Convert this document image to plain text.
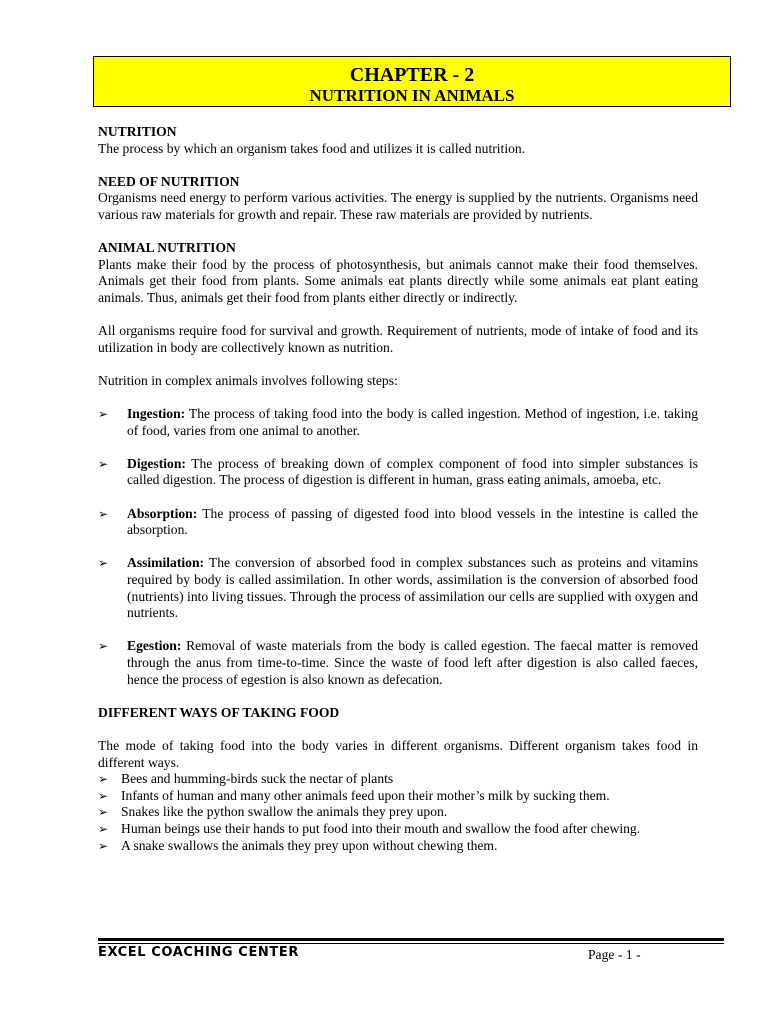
CHAPTER - 2
NUTRITION IN ANIMALS
NUTRITION

The process by which an organism takes food and utilizes it is called nutrition.

NEED OF NUTRITION

Organisms need energy to perform various activities. The energy is supplied by the nutrients. Organisms need various raw materials for growth and repair. These raw materials are provided by nutrients.

ANIMAL NUTRITION

Plants make their food by the process of photosynthesis, but animals cannot make their food themselves. Animals get their food from plants. Some animals eat plants directly while some animals eat plant eating animals. Thus, animals get their food from plants either directly or indirectly.

All organisms require food for survival and growth. Requirement of nutrients, mode of intake of food and its utilization in body are collectively known as nutrition.

Nutrition in complex animals involves following steps:

➢ Ingestion: The process of taking food into the body is called ingestion. Method of ingestion, i.e. taking of food, varies from one animal to another.
➢ Digestion: The process of breaking down of complex component of food into simpler substances is called digestion. The process of digestion is different in human, grass eating animals, amoeba, etc.
➢ Absorption: The process of passing of digested food into blood vessels in the intestine is called the absorption.
➢ Assimilation: The conversion of absorbed food in complex substances such as proteins and vitamins required by body is called assimilation. In other words, assimilation is the conversion of absorbed food (nutrients) into living tissues. Through the process of assimilation our cells are supplied with oxygen and nutrients.
➢ Egestion: Removal of waste materials from the body is called egestion. The faecal matter is removed through the anus from time-to-time. Since the waste of food left after digestion is also called faeces, hence the process of egestion is also known as defecation.
DIFFERENT WAYS OF TAKING FOOD

The mode of taking food into the body varies in different organisms. Different organism takes food in different ways.

➢ Bees and humming-birds suck the nectar of plants
➢ Infants of human and many other animals feed upon their mother’s milk by sucking them.
➢ Snakes like the python swallow the animals they prey upon.
➢ Human beings use their hands to put food into their mouth and swallow the food after chewing.
➢ A snake swallows the animals they prey upon without chewing them.
EXCEL COACHING CENTER	Page - 1 -
